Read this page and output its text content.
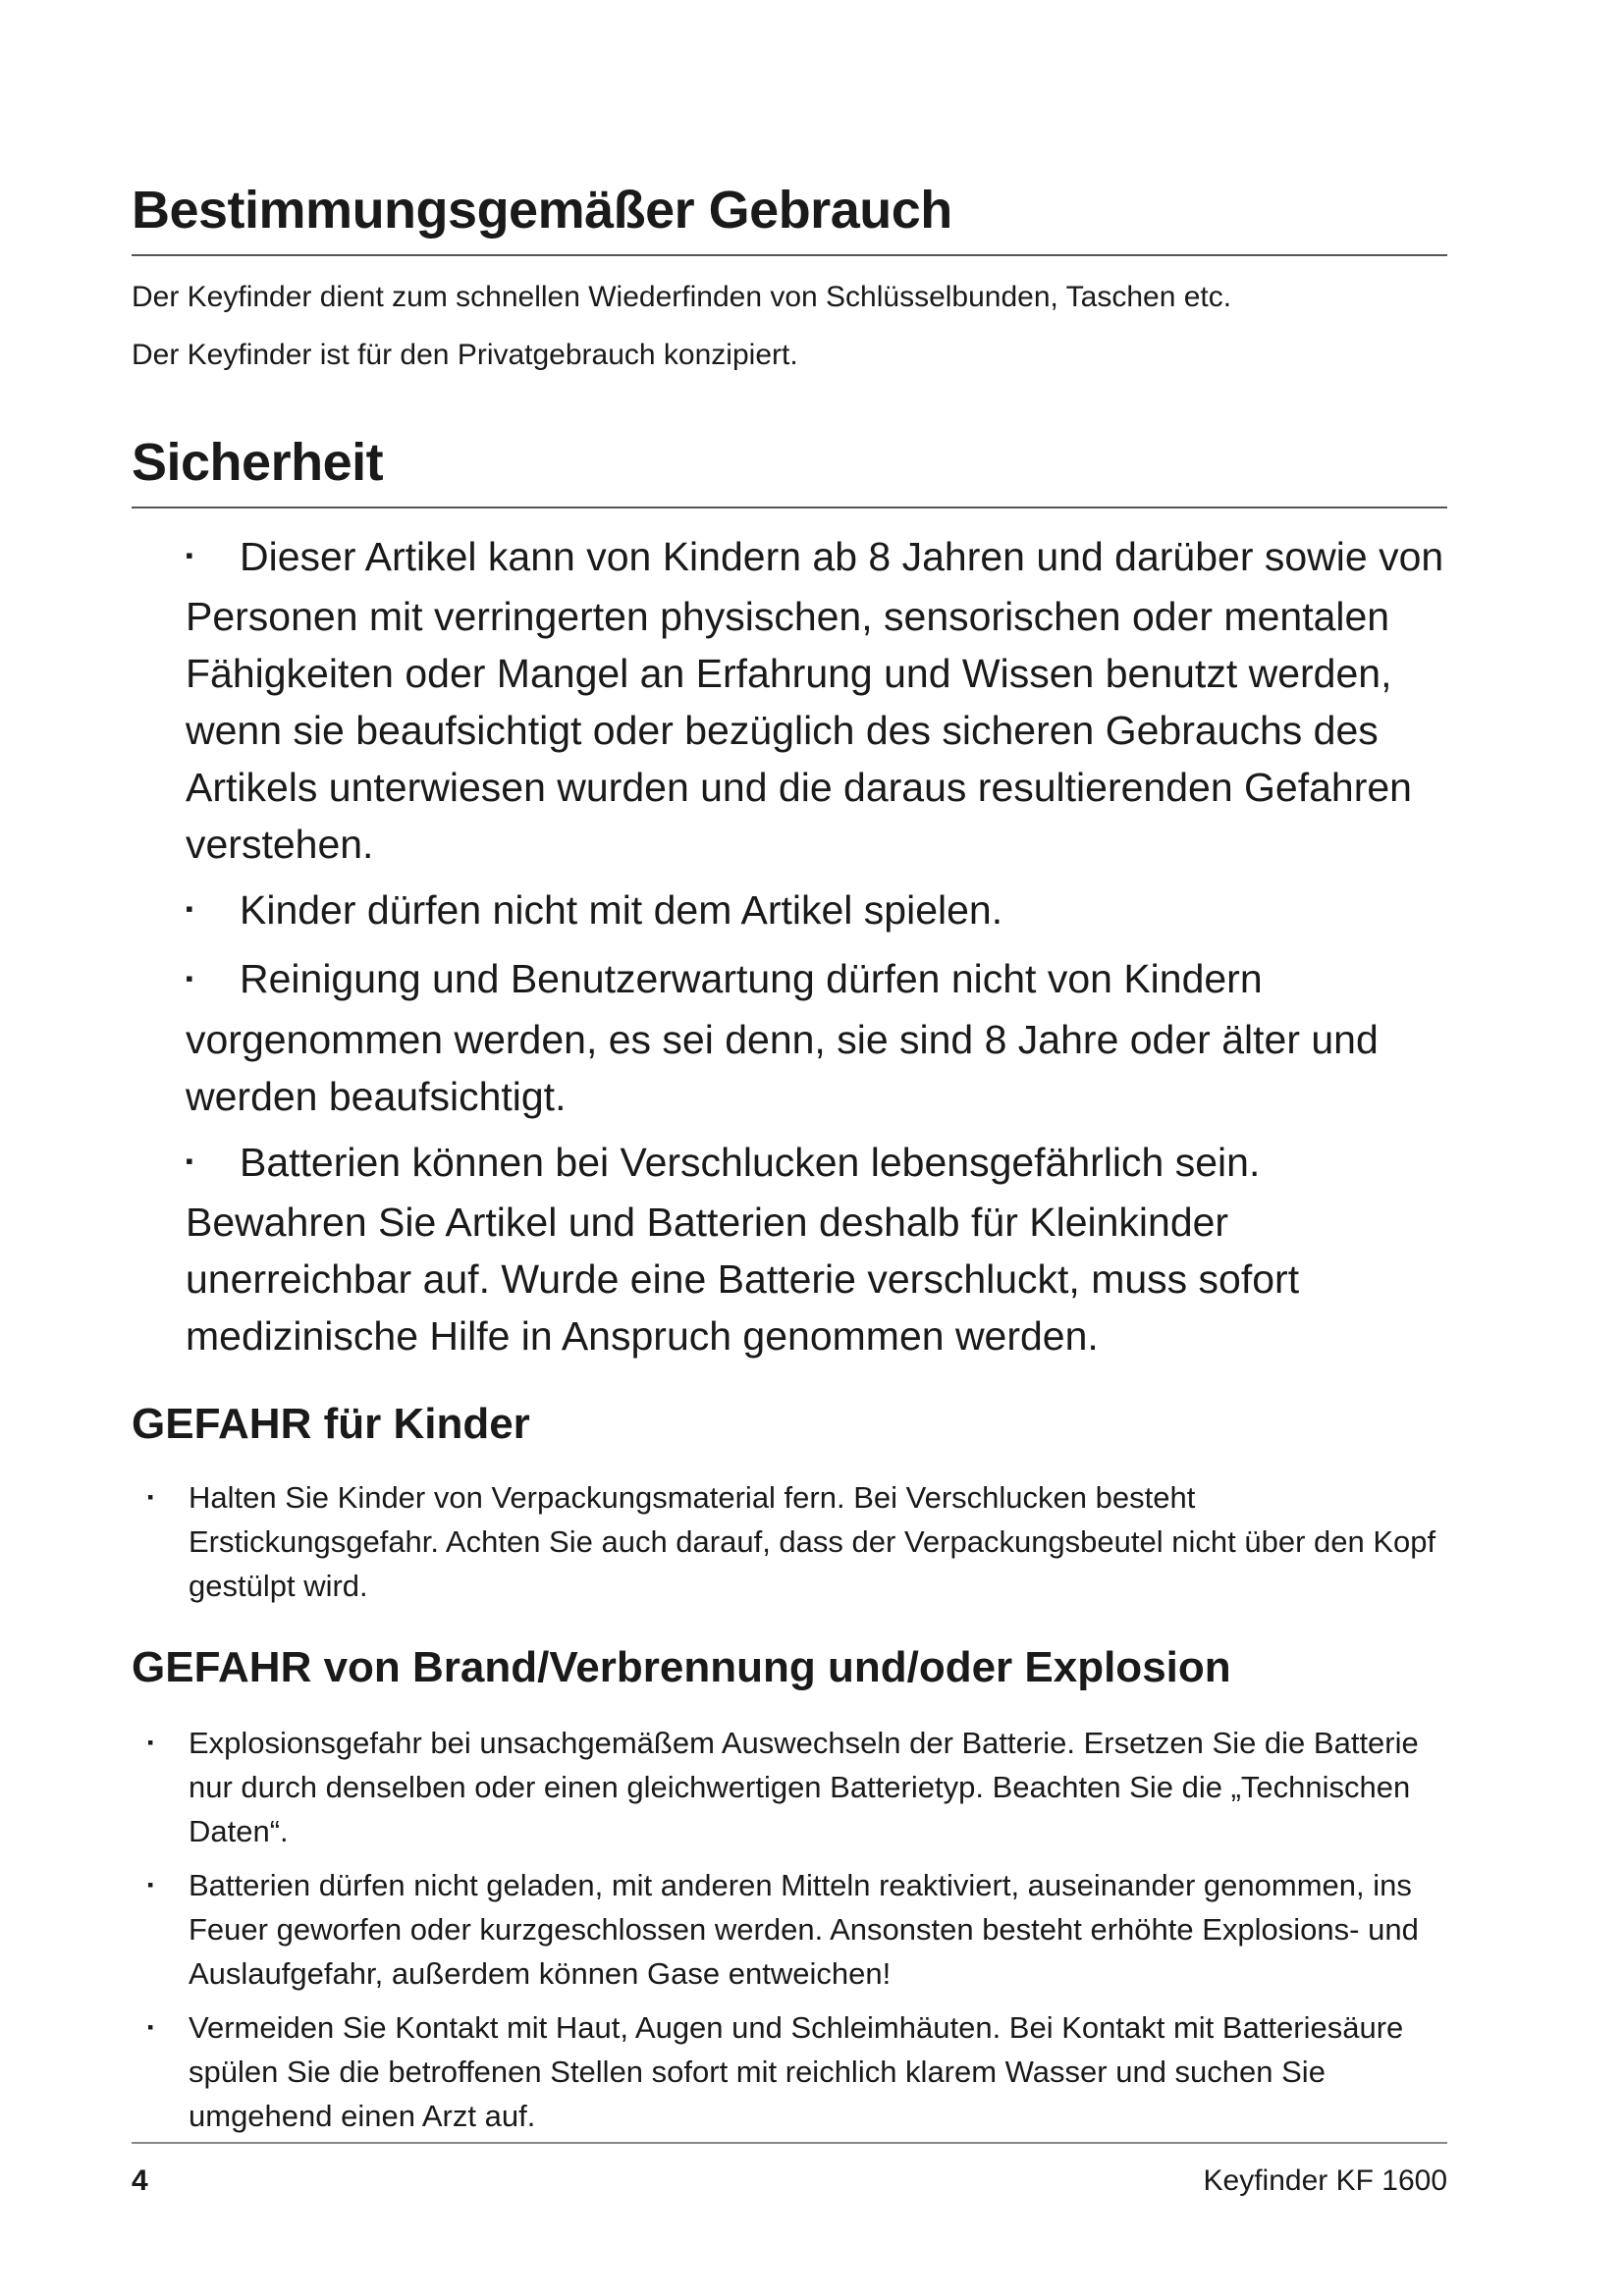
Bestimmungsgemäßer Gebrauch

Der Keyfinder dient zum schnellen Wiederfinden von Schlüsselbunden, Taschen etc.

Der Keyfinder ist für den Privatgebrauch konzipiert.

Sicherheit
▪ Dieser Artikel kann von Kindern ab 8 Jahren und darüber sowie von Personen mit verringerten physischen, sensorischen oder mentalen Fähigkeiten oder Mangel an Erfahrung und Wissen benutzt werden, wenn sie beaufsichtigt oder bezüglich des sicheren Gebrauchs des Artikels unterwiesen wurden und die daraus resultierenden Gefahren verstehen.
▪ Kinder dürfen nicht mit dem Artikel spielen.
▪ Reinigung und Benutzerwartung dürfen nicht von Kindern vorgenommen werden, es sei denn, sie sind 8 Jahre oder älter und werden beaufsichtigt.
▪ Batterien können bei Verschlucken lebensgefährlich sein. Bewahren Sie Artikel und Batterien deshalb für Kleinkinder unerreichbar auf. Wurde eine Batterie verschluckt, muss sofort medizinische Hilfe in Anspruch genommen werden.
GEFAHR für Kinder
▪ Halten Sie Kinder von Verpackungsmaterial fern. Bei Verschlucken besteht Erstickungsgefahr. Achten Sie auch darauf, dass der Verpackungsbeutel nicht über den Kopf gestülpt wird.
GEFAHR von Brand/Verbrennung und/oder Explosion
▪ Explosionsgefahr bei unsachgemäßem Auswechseln der Batterie. Ersetzen Sie die Batterie nur durch denselben oder einen gleichwertigen Batterietyp. Beachten Sie die „Technischen Daten“.
▪ Batterien dürfen nicht geladen, mit anderen Mitteln reaktiviert, auseinander genommen, ins Feuer geworfen oder kurzgeschlossen werden. Ansonsten besteht erhöhte Explosions- und Auslaufgefahr, außerdem können Gase entweichen!
▪ Vermeiden Sie Kontakt mit Haut, Augen und Schleimhäuten. Bei Kontakt mit Batteriesäure spülen Sie die betroffenen Stellen sofort mit reichlich klarem Wasser und suchen Sie umgehend einen Arzt auf.
4	Keyfinder KF 1600
